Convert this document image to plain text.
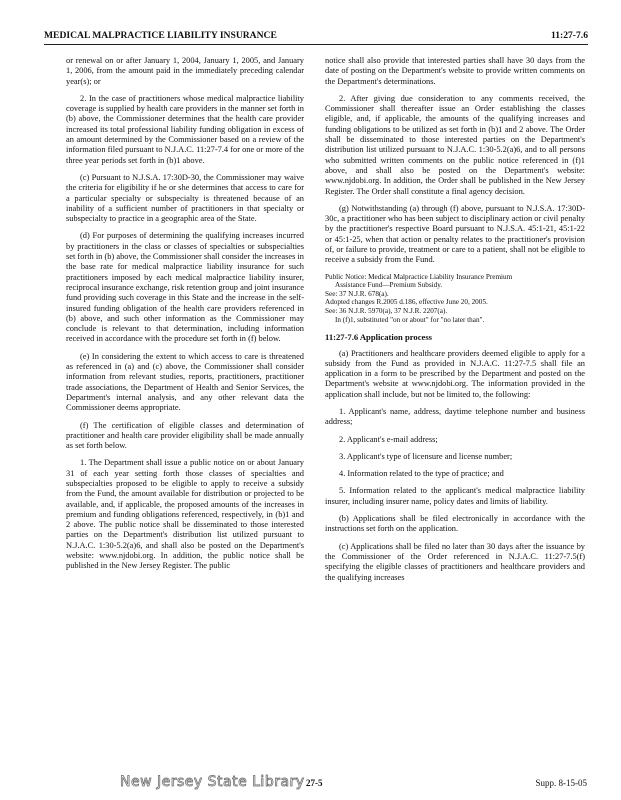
MEDICAL MALPRACTICE LIABILITY INSURANCE	11:27-7.6

or renewal on or after January 1, 2004, January 1, 2005, and January 1, 2006, from the amount paid in the immediately preceding calendar year(s); or

2. In the case of practitioners whose medical malpractice liability coverage is supplied by health care providers in the manner set forth in (b) above, the Commissioner determines that the health care provider increased its total professional liability funding obligation in excess of an amount determined by the Commissioner based on a review of the information filed pursuant to N.J.A.C. 11:27-7.4 for one or more of the three year periods set forth in (b)1 above.

(c) Pursuant to N.J.S.A. 17:30D-30, the Commissioner may waive the criteria for eligibility if he or she determines that access to care for a particular specialty or subspecialty is threatened because of an inability of a sufficient number of practitioners in that specialty or subspecialty to practice in a geographic area of the State.

(d) For purposes of determining the qualifying increases incurred by practitioners in the class or classes of specialties or subspecialties set forth in (b) above, the Commissioner shall consider the increases in the base rate for medical malpractice liability insurance for such practitioners imposed by each medical malpractice liability insurer, reciprocal insurance exchange, risk retention group and joint insurance fund providing such coverage in this State and the increase in the self-insured funding obligation of the health care providers referenced in (b) above, and such other information as the Commissioner may conclude is relevant to that determination, including information received in accordance with the procedure set forth in (f) below.

(e) In considering the extent to which access to care is threatened as referenced in (a) and (c) above, the Commissioner shall consider information from relevant studies, reports, practitioners, practitioner trade associations, the Department of Health and Senior Services, the Department's internal analysis, and any other relevant data the Commissioner deems appropriate.

(f) The certification of eligible classes and determination of practitioner and health care provider eligibility shall be made annually as set forth below.

1. The Department shall issue a public notice on or about January 31 of each year setting forth those classes of specialties and subspecialties proposed to be eligible to apply to receive a subsidy from the Fund, the amount available for distribution or projected to be available, and, if applicable, the proposed amounts of the increases in premium and funding obligations referenced, respectively, in (b)1 and 2 above. The public notice shall be disseminated to those interested parties on the Department's distribution list utilized pursuant to N.J.A.C. 1:30-5.2(a)6, and shall also be posted on the Department's website: www.njdobi.org. In addition, the public notice shall be published in the New Jersey Register. The public

notice shall also provide that interested parties shall have 30 days from the date of posting on the Department's website to provide written comments on the Department's determinations.

2. After giving due consideration to any comments received, the Commissioner shall thereafter issue an Order establishing the classes eligible, and, if applicable, the amounts of the qualifying increases and funding obligations to be utilized as set forth in (b)1 and 2 above. The Order shall be disseminated to those interested parties on the Department's distribution list utilized pursuant to N.J.A.C. 1:30-5.2(a)6, and to all persons who submitted written comments on the public notice referenced in (f)1 above, and shall also be posted on the Department's website: www.njdobi.org. In addition, the Order shall be published in the New Jersey Register. The Order shall constitute a final agency decision.

(g) Notwithstanding (a) through (f) above, pursuant to N.J.S.A. 17:30D-30c, a practitioner who has been subject to disciplinary action or civil penalty by the practitioner's respective Board pursuant to N.J.S.A. 45:1-21, 45:1-22 or 45:1-25, when that action or penalty relates to the practitioner's provision of, or failure to provide, treatment or care to a patient, shall not be eligible to receive a subsidy from the Fund.

Public Notice: Medical Malpractice Liability Insurance Premium
Assistance Fund—Premium Subsidy.
See: 37 N.J.R. 678(a).
Adopted changes R.2005 d.186, effective June 20, 2005.
See: 36 N.J.R. 5970(a), 37 N.J.R. 2207(a).
In (f)1, substituted "on or about" for "no later than".
11:27-7.6 Application process

(a) Practitioners and healthcare providers deemed eligible to apply for a subsidy from the Fund as provided in N.J.A.C. 11:27-7.5 shall file an application in a form to be prescribed by the Department and posted on the Department's website at www.njdobi.org. The information provided in the application shall include, but not be limited to, the following:

1. Applicant's name, address, daytime telephone number and business address;

2. Applicant's e-mail address;

3. Applicant's type of licensure and license number;

4. Information related to the type of practice; and

5. Information related to the applicant's medical malpractice liability insurer, including insurer name, policy dates and limits of liability.

(b) Applications shall be filed electronically in accordance with the instructions set forth on the application.

(c) Applications shall be filed no later than 30 days after the issuance by the Commissioner of the Order referenced in N.J.A.C. 11:27-7.5(f) specifying the eligible classes of practitioners and healthcare providers and the qualifying increases

New Jersey State Library 27-5	Supp. 8-15-05
